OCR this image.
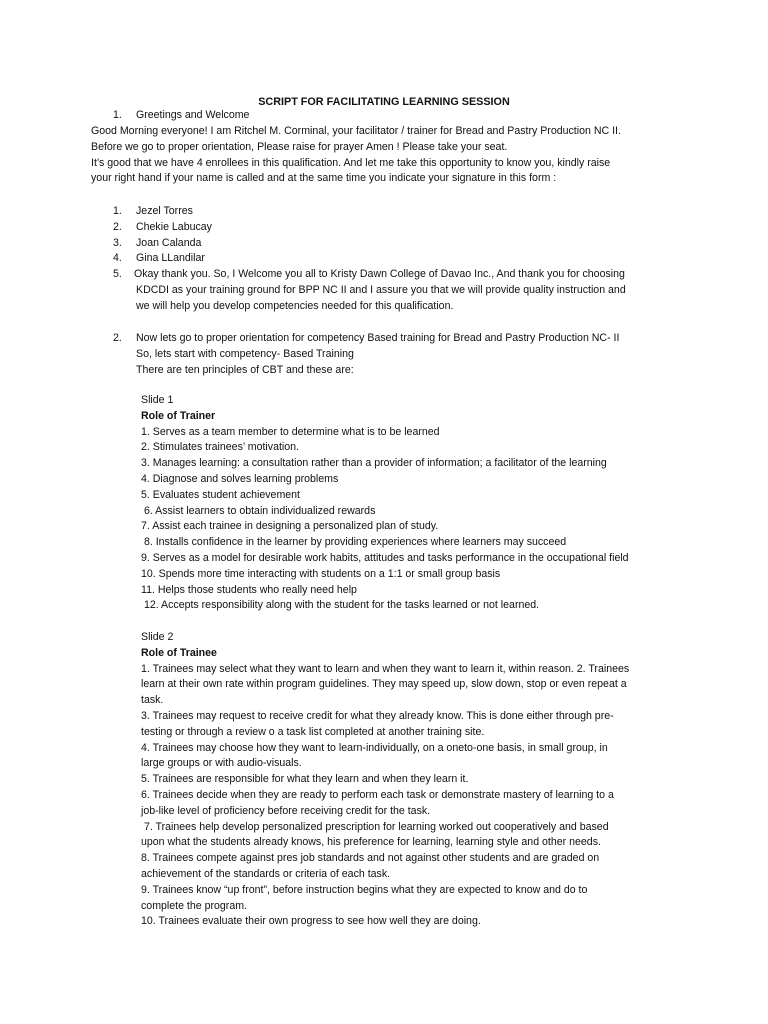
SCRIPT FOR FACILITATING LEARNING SESSION
1. Greetings and Welcome
Good Morning everyone! I am Ritchel M. Corminal, your facilitator / trainer for Bread and Pastry Production NC II.
Before we go to proper orientation, Please raise for prayer Amen ! Please take your seat.
It’s good that we have 4 enrollees in this qualification. And let me take this opportunity to know you, kindly raise
your right hand if your name is called and at the same time you indicate your signature in this form :
1. Jezel Torres
2. Chekie Labucay
3. Joan Calanda
4. Gina LLandilar
5. Okay thank you. So, I Welcome you all to Kristy Dawn College of Davao Inc., And thank you for choosing
KDCDI as your training ground for BPP NC II and I assure you that we will provide quality instruction and
we will help you develop competencies needed for this qualification.
2. Now lets go to proper orientation for competency Based training for Bread and Pastry Production NC- II
So, lets start with competency- Based Training
There are ten principles of CBT and these are:
Slide 1
Role of Trainer
1. Serves as a team member to determine what is to be learned
2. Stimulates trainees’ motivation.
3. Manages learning: a consultation rather than a provider of information; a facilitator of the learning
4. Diagnose and solves learning problems
5. Evaluates student achievement
6. Assist learners to obtain individualized rewards
7. Assist each trainee in designing a personalized plan of study.
8. Installs confidence in the learner by providing experiences where learners may succeed
9. Serves as a model for desirable work habits, attitudes and tasks performance in the occupational field
10. Spends more time interacting with students on a 1:1 or small group basis
11. Helps those students who really need help
12. Accepts responsibility along with the student for the tasks learned or not learned.
Slide 2
Role of Trainee
1. Trainees may select what they want to learn and when they want to learn it, within reason. 2. Trainees
learn at their own rate within program guidelines. They may speed up, slow down, stop or even repeat a
task.
3. Trainees may request to receive credit for what they already know. This is done either through pre-
testing or through a review o a task list completed at another training site.
4. Trainees may choose how they want to learn-individually, on a oneto-one basis, in small group, in
large groups or with audio-visuals.
5. Trainees are responsible for what they learn and when they learn it.
6. Trainees decide when they are ready to perform each task or demonstrate mastery of learning to a
job-like level of proficiency before receiving credit for the task.
7. Trainees help develop personalized prescription for learning worked out cooperatively and based
upon what the students already knows, his preference for learning, learning style and other needs.
8. Trainees compete against pres job standards and not against other students and are graded on
achievement of the standards or criteria of each task.
9. Trainees know “up front”, before instruction begins what they are expected to know and do to
complete the program.
10. Trainees evaluate their own progress to see how well they are doing.
